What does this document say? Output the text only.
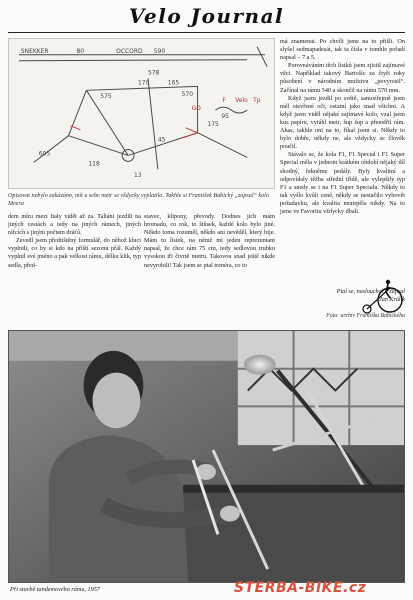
Velo Journal
SNEKKER	80	OCCORD 590
578
170	165
575	570
GD
175
605
F Velo Tp
95
13
118
45
Opisovat nebylo zakázáno, mít u sebe metr se vždycky vyplatilo. Takhle si František Babický „zapsal“ kolo Meera

dem míru mezi Italy vidět až za. Taliáni jezdili na jiných cestách a tedy na jiných rámech, jiných ráfcích s jiným počtem dráťů.

Zevedl jsem předtištěný formulář, do něhož kluci vyplnili, co by si kdo na příští sezonu přál. Každý vyplnil své jméno a pak velkost rámu, délku klik, typ sedla, před-

stavec, klipony, převody. Dodnes jich mám hromadu, co rok, to štůsek, každé kolo bylo jiné. Někdo toma rozuměl, někdo ani nevěděl, který bije. Mám tu lístek, na němž mi jeden reprezentant napsal, že chce rám 75 cm, tedy sedlovou trubku vysokou tři čtvrtě metru. Takovou snad ještě nikde nevyrobili! Tak jsem se ptal trenéra, co to

má znamenat. Po chvíli jsme na to přišli. On slyšel sedmapadesát, tak ta čísla v tomhle pořadí napsal – 7 a 5.

Porovnáváním těch lístků jsem zjistil zajímavé věci. Například takový Bartošíc za čtyři roky působení v národním mužstvu „povyrostl“. Začínal na rámu 540 a skončil na rámu 570 mm.

Když jsem jezdil po světě, samozřejmě jsem měl otevřené oči, ostatní jako snad všichni. A když jsem viděl nějaké zajímavé kolo, vzal jsem kus papíru, vytáhl metr, šup šup a přeměřil rám. Ahas, takhle oni na to, říkal jsem si. Někdy to bylo dobře, někdy ne, ale vždycky se člověk poučil.

Stávalo se, že kola F1, F1 Special i F1 Super Special měla v jednom krátkém období nějaký díl shodný, řekněme pedály. Byly kvalitní a odpovídaly těžba střední třídě, ale vylepšily typ F1 a snedy se i na F1 Super Specialu. Někdy to tak vyšlo kvůli ceně, někdy se nestačilo vyhovět požadavku, ale kvalita neutrpěla nikdy. Na to jsme ve Favoritu vždycky dbali.

Ptal se, naslouchal a zapsal
Jan Králík
Foto: archiv Františka Babického
Při stavbě tandemového rámu, 1957	STERBA-BIKE.cz
